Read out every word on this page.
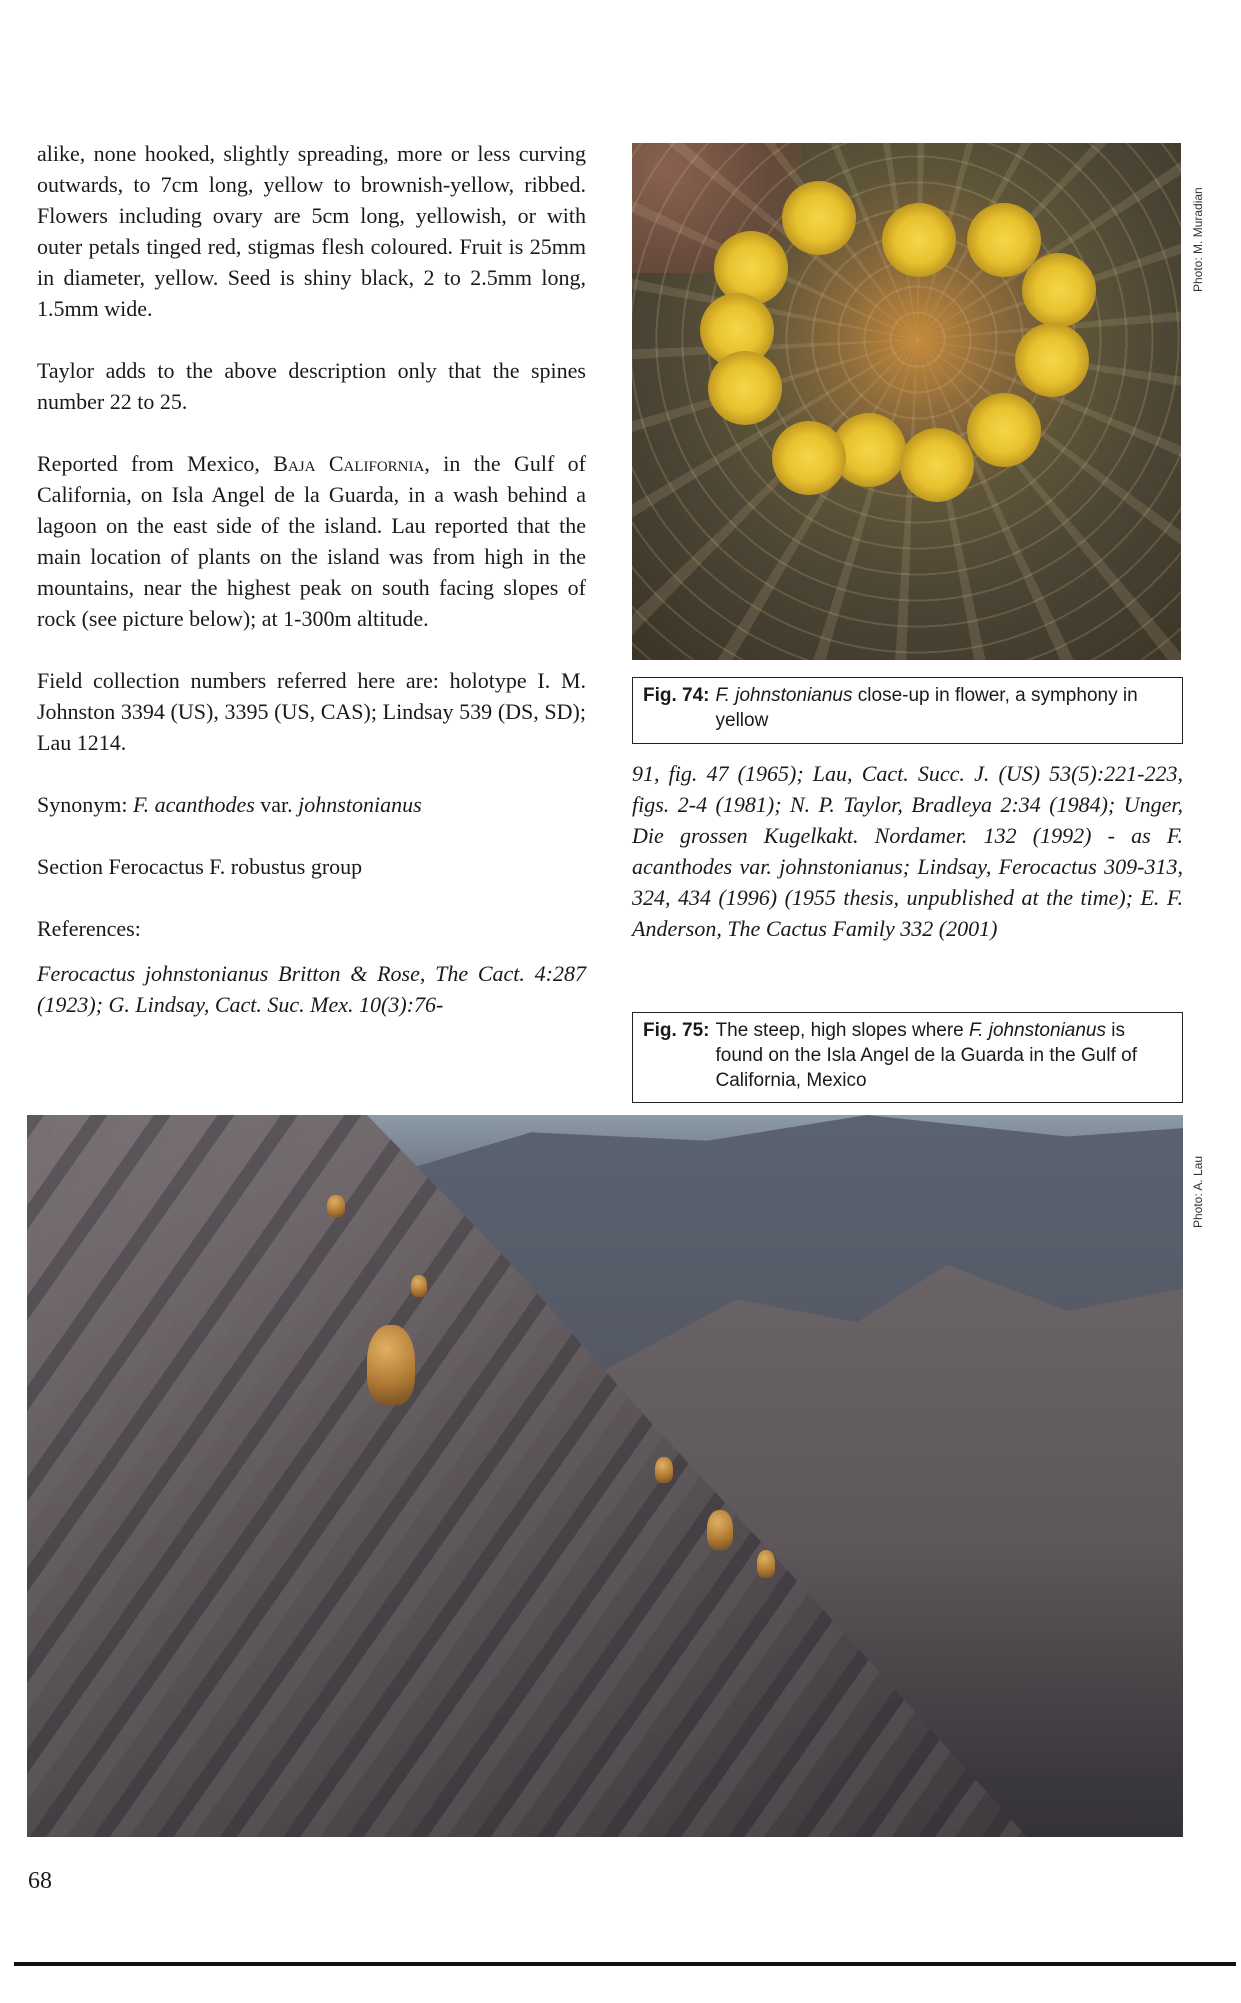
alike, none hooked, slightly spreading, more or less curving outwards, to 7cm long, yellow to brownish-yellow, ribbed. Flowers including ovary are 5cm long, yellowish, or with outer petals tinged red, stigmas flesh coloured. Fruit is 25mm in diameter, yellow. Seed is shiny black, 2 to 2.5mm long, 1.5mm wide.

Taylor adds to the above description only that the spines number 22 to 25.

Reported from Mexico, Baja California, in the Gulf of California, on Isla Angel de la Guarda, in a wash behind a lagoon on the east side of the island. Lau reported that the main location of plants on the island was from high in the mountains, near the highest peak on south facing slopes of rock (see picture below); at 1-300m altitude.

Field collection numbers referred here are: holotype I. M. Johnston 3394 (US), 3395 (US, CAS); Lindsay 539 (DS, SD); Lau 1214.

Synonym: F. acanthodes var. johnstonianus

Section Ferocactus F. robustus group

References:

Ferocactus johnstonianus Britton & Rose, The Cact. 4:287 (1923); G. Lindsay, Cact. Suc. Mex. 10(3):76-

Photo: M. Muradian
Fig. 74: F. johnstonianus close-up in flower, a symphony in yellow

91, fig. 47 (1965); Lau, Cact. Succ. J. (US) 53(5):221-223, figs. 2-4 (1981); N. P. Taylor, Bradleya 2:34 (1984); Unger, Die grossen Kugelkakt. Nordamer. 132 (1992) - as F. acanthodes var. johnstonianus; Lindsay, Ferocactus 309-313, 324, 434 (1996) (1955 thesis, unpublished at the time); E. F. Anderson, The Cactus Family 332 (2001)

Fig. 75: The steep, high slopes where F. johnstonianus is found on the Isla Angel de la Guarda in the Gulf of California, Mexico
Photo: A. Lau
68
